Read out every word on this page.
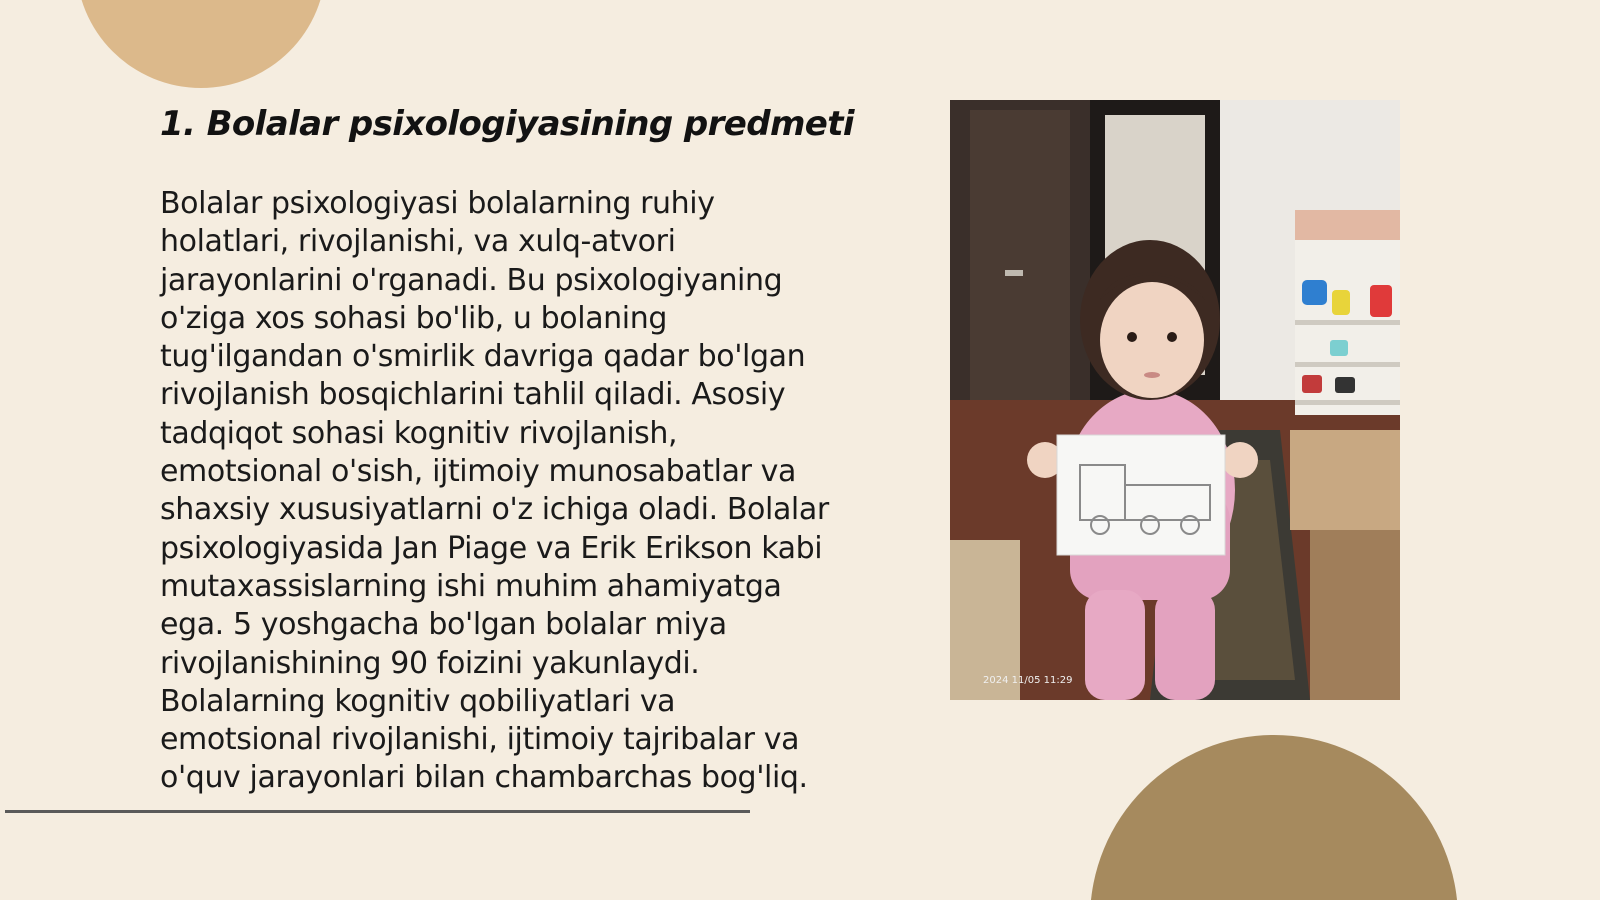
1. Bolalar psixologiyasining predmeti
Bolalar psixologiyasi bolalarning ruhiy
holatlari, rivojlanishi, va xulq-atvori
jarayonlarini o'rganadi. Bu psixologiyaning
o'ziga xos sohasi bo'lib, u bolaning
tug'ilgandan o'smirlik davriga qadar bo'lgan
rivojlanish bosqichlarini tahlil qiladi. Asosiy
tadqiqot sohasi kognitiv rivojlanish,
emotsional o'sish, ijtimoiy munosabatlar va
shaxsiy xususiyatlarni o'z ichiga oladi. Bolalar
psixologiyasida Jan Piage va Erik Erikson kabi
mutaxassislarning ishi muhim ahamiyatga
ega. 5 yoshgacha bo'lgan bolalar miya
rivojlanishining 90 foizini yakunlaydi.
Bolalarning kognitiv qobiliyatlari va
emotsional rivojlanishi, ijtimoiy tajribalar va
o'quv jarayonlari bilan chambarchas bog'liq.
2024 11/05 11:29
